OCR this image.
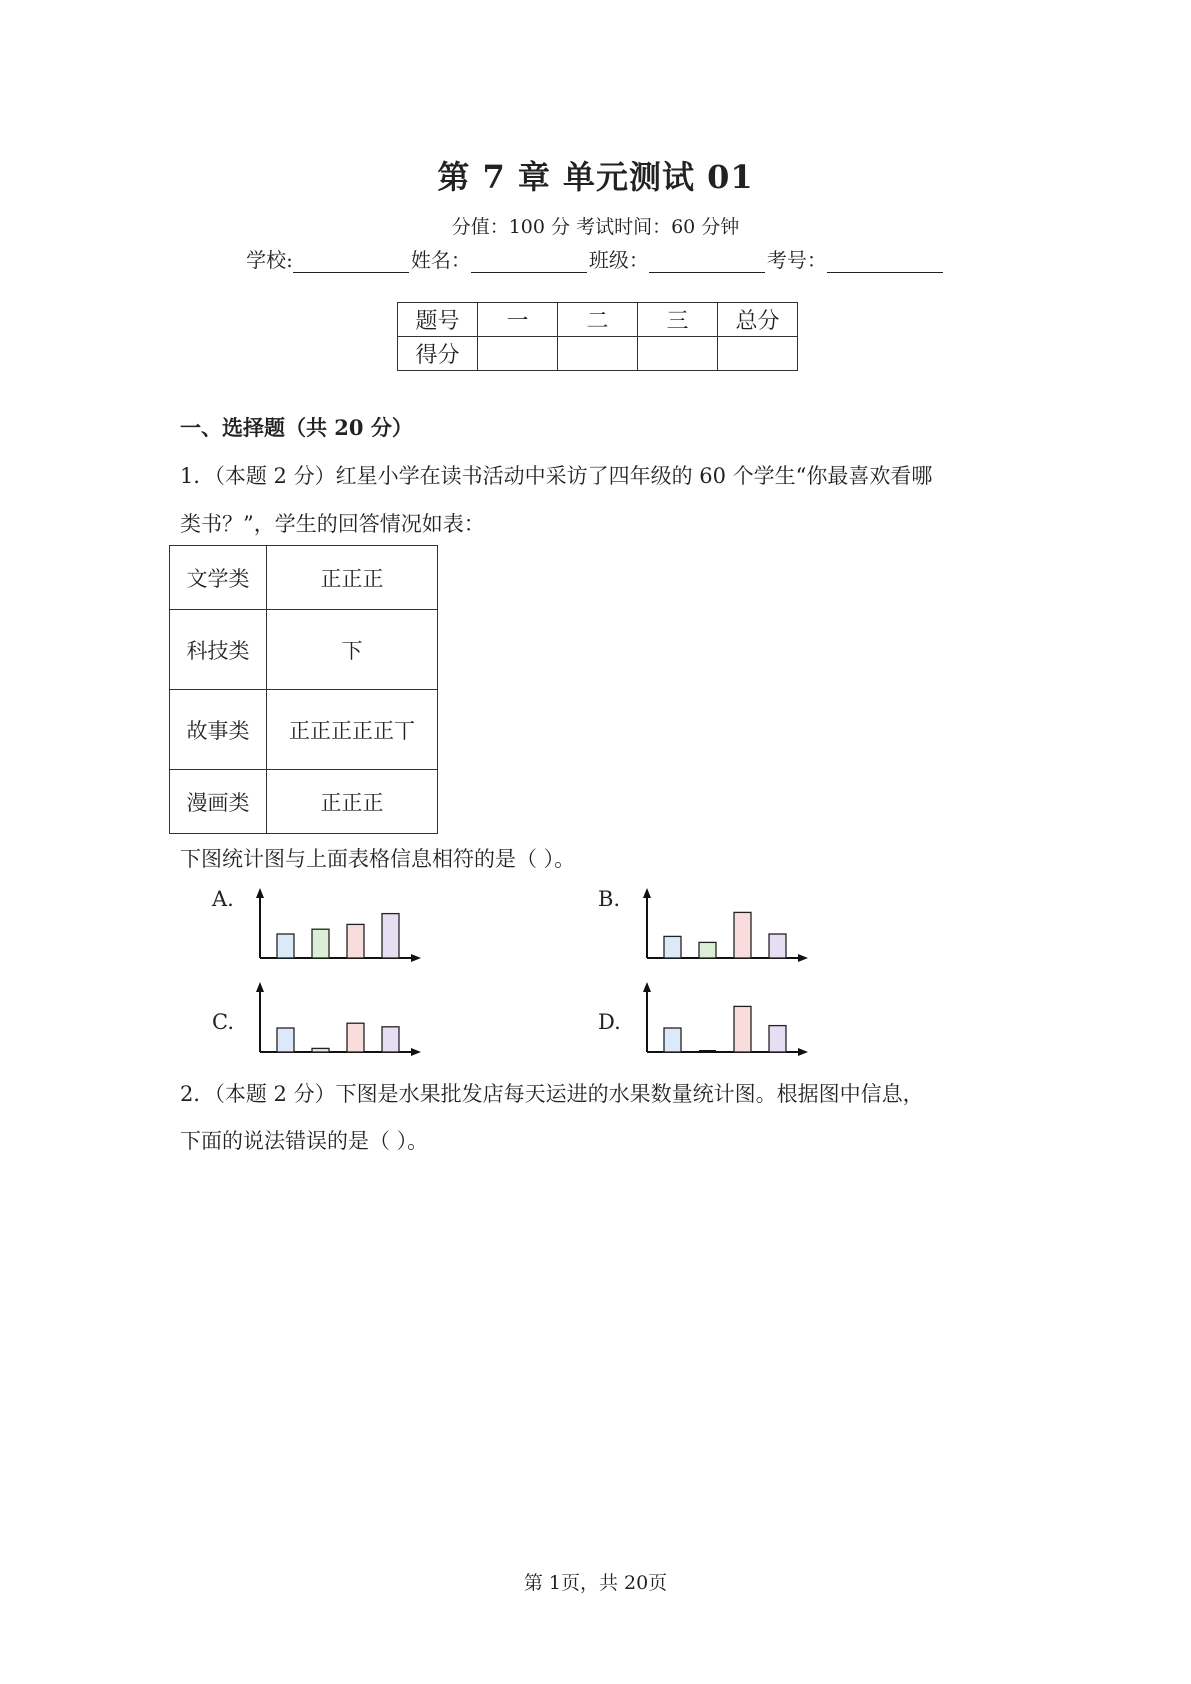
第 7 章 单元测试 01
分值：100 分 考试时间：60 分钟
学校:	姓名：	班级：	考号：
题号	一	二	三	总分
得分				
一、选择题（共 20 分）
1．（本题 2 分）红星小学在读书活动中采访了四年级的 60 个学生“你最喜欢看哪
类书？”，学生的回答情况如表：
文学类	正正正
科技类	下
故事类	正正正正正丅
漫画类	正正正
下图统计图与上面表格信息相符的是（ ）。
A.	B.
C.	D.
2．（本题 2 分）下图是水果批发店每天运进的水果数量统计图。根据图中信息，
下面的说法错误的是（ ）。
第 1页，共 20页
